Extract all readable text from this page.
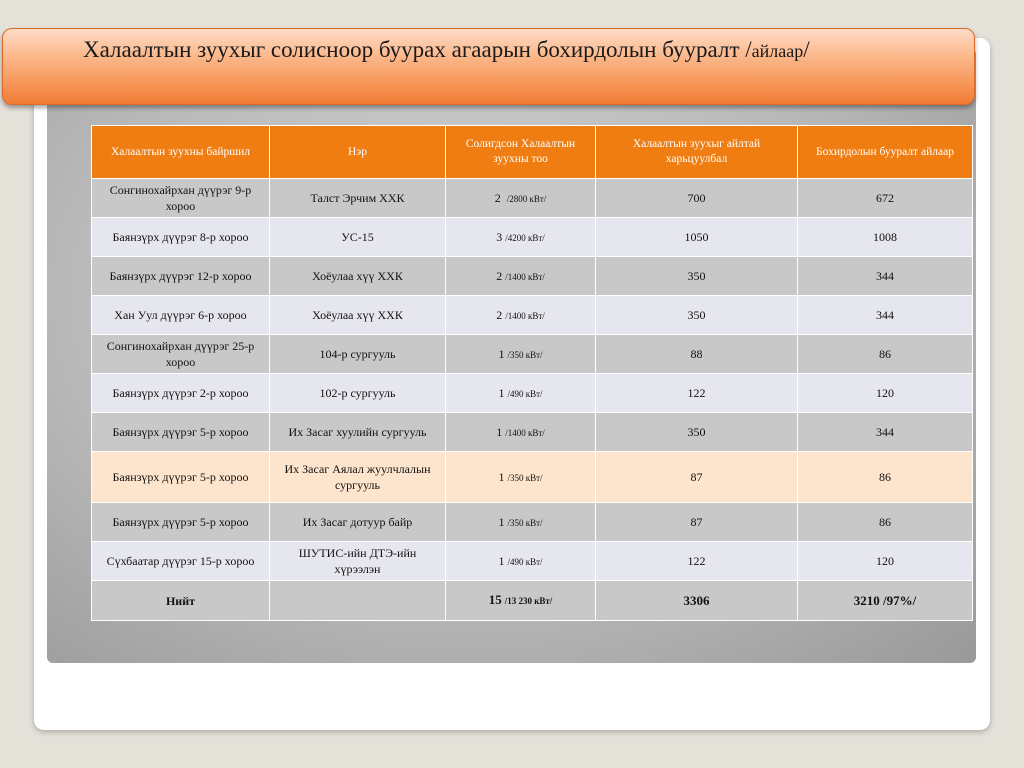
Халаалтын зуухыг солисноор буурах агаарын бохирдолын бууралт /айлаар/
Халаалтын зуухны байршил	Нэр	Солигдсон Халаалтын зуухны тоо	Халаалтын зуухыг айлтай харьцуулбал	Бохирдолын бууралт айлаар
Сонгинохайрхан дүүрэг 9-р хороо	Талст Эрчим ХХК	2 /2800 кВт/	700	672
Баянзүрх дүүрэг 8-р хороо	УС-15	3 /4200 кВт/	1050	1008
Баянзүрх дүүрэг 12-р хороо	Хоёулаа хүү ХХК	2 /1400 кВт/	350	344
Хан Уул дүүрэг 6-р хороо	Хоёулаа хүү ХХК	2 /1400 кВт/	350	344
Сонгинохайрхан дүүрэг 25-р хороо	104-р сургууль	1 /350 кВт/	88	86
Баянзүрх дүүрэг 2-р хороо	102-р сургууль	1 /490 кВт/	122	120
Баянзүрх дүүрэг 5-р хороо	Их Засаг хуулийн сургууль	1 /1400 кВт/	350	344
Баянзүрх дүүрэг 5-р хороо	Их Засаг Аялал жуулчлалын сургууль	1 /350 кВт/	87	86
Баянзүрх дүүрэг 5-р хороо	Их Засаг дотуур байр	1 /350 кВт/	87	86
Сүхбаатар дүүрэг 15-р хороо	ШУТИС-ийн ДТЭ-ийн хүрээлэн	1 /490 кВт/	122	120
Нийт		15 /13 230 кВт/	3306	3210 /97%/
